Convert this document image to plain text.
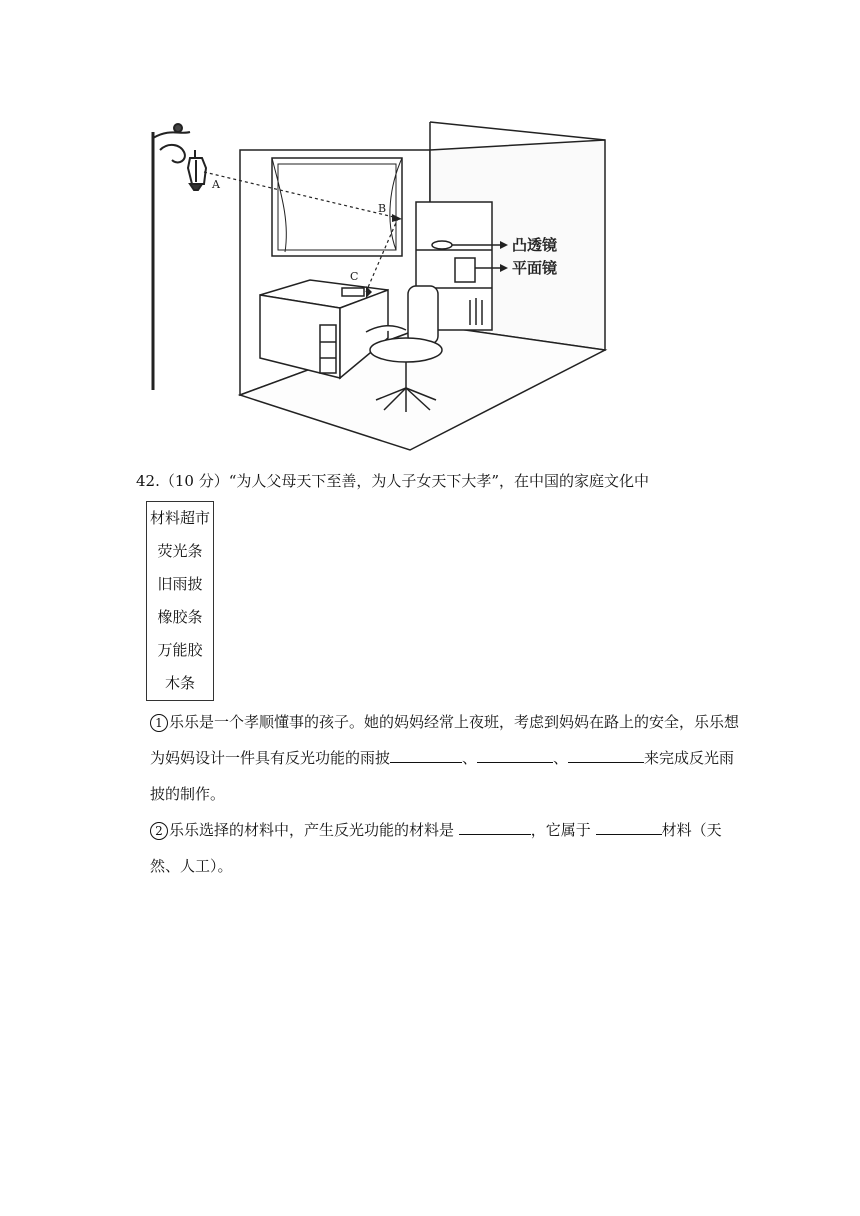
A
凸透镜
平面镜
B
C
42.（10 分）“为人父母天下至善，为人子女天下大孝”，在中国的家庭文化中
材料超市
荧光条
旧雨披
橡胶条
万能胶
木条
1 乐乐是一个孝顺懂事的孩子。她的妈妈经常上夜班，考虑到妈妈在路上的安全，乐乐想为妈妈设计一件具有反光功能的雨披	、	、	来完成反光雨披的制作。
2 乐乐选择的材料中，产生反光功能的材料是	，它属于	材料（天然、人工）。
